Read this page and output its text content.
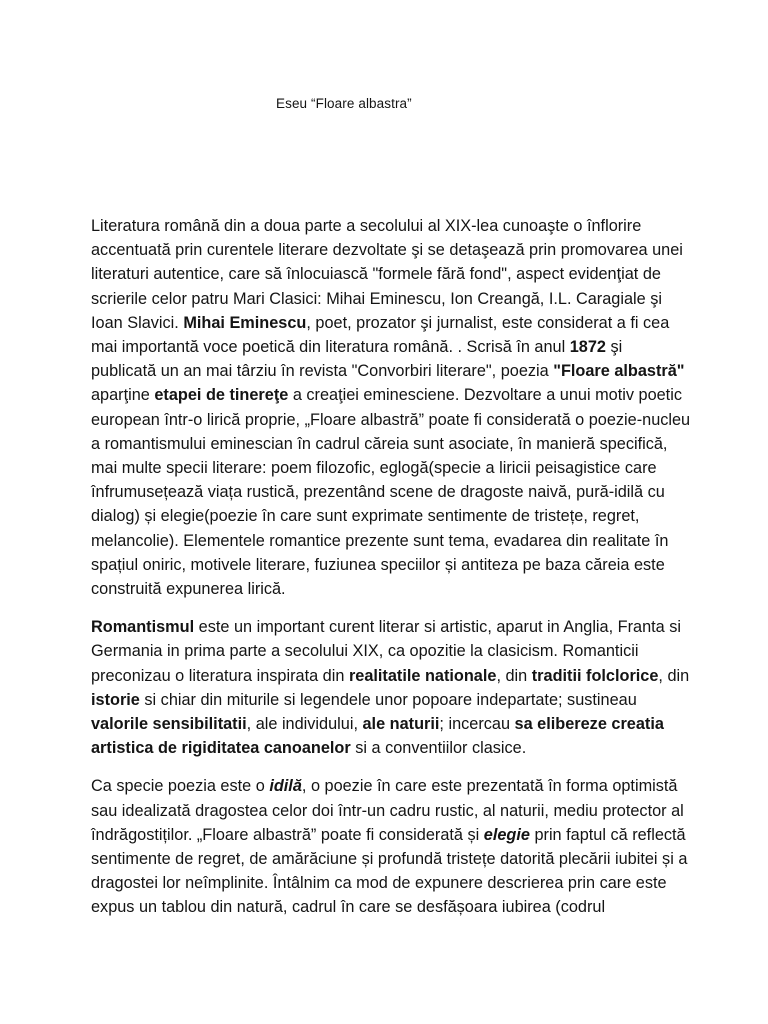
Eseu “Floare albastra”

Literatura română din a doua parte a secolului al XIX-lea cunoaşte o înflorire accentuată prin curentele literare dezvoltate şi se detaşează prin promovarea unei literaturi autentice, care să înlocuiască "formele fără fond", aspect evidenţiat de scrierile celor patru Mari Clasici: Mihai Eminescu, Ion Creangă, I.L. Caragiale şi Ioan Slavici. Mihai Eminescu, poet, prozator şi jurnalist, este considerat a fi cea mai importantă voce poetică din literatura română. . Scrisă în anul 1872 şi publicată un an mai târziu în revista "Convorbiri literare", poezia "Floare albastră" aparţine etapei de tinereţe a creaţiei eminesciene. Dezvoltare a unui motiv poetic european într-o lirică proprie, „Floare albastră” poate fi considerată o poezie-nucleu a romantismului eminescian în cadrul căreia sunt asociate, în manieră specifică, mai multe specii literare: poem filozofic, eglogă(specie a liricii peisagistice care înfrumusețează viața rustică, prezentând scene de dragoste naivă, pură-idilă cu dialog) și elegie(poezie în care sunt exprimate sentimente de tristețe, regret, melancolie). Elementele romantice prezente sunt tema, evadarea din realitate în spațiul oniric, motivele literare, fuziunea speciilor și antiteza pe baza căreia este construită expunerea lirică.

Romantismul este un important curent literar si artistic, aparut in Anglia, Franta si Germania in prima parte a secolului XIX, ca opozitie la clasicism. Romanticii preconizau o literatura inspirata din realitatile nationale, din traditii folclorice, din istorie si chiar din miturile si legendele unor popoare indepartate; sustineau valorile sensibilitatii, ale individului, ale naturii; incercau sa elibereze creatia artistica de rigiditatea canoanelor si a conventiilor clasice.

Ca specie poezia este o idilă, o poezie în care este prezentată în forma optimistă sau idealizată dragostea celor doi într-un cadru rustic, al naturii, mediu protector al îndrăgostiților. „Floare albastră” poate fi considerată și elegie prin faptul că reflectă sentimente de regret, de amărăciune și profundă tristețe datorită plecării iubitei și a dragostei lor neîmplinite. Întâlnim ca mod de expunere descrierea prin care este expus un tablou din natură, cadrul în care se desfășoara iubirea (codrul
